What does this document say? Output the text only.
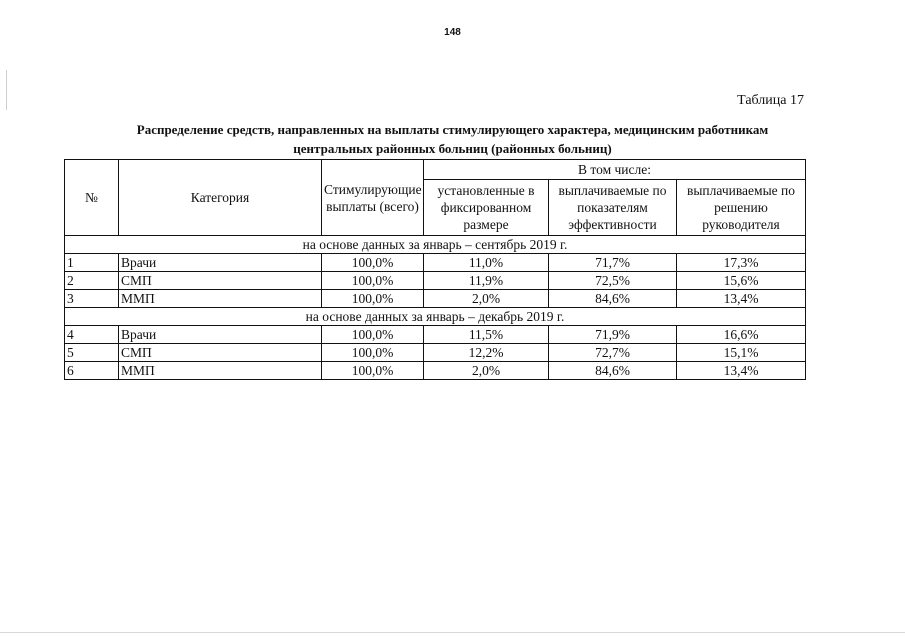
148
Таблица 17
Распределение средств, направленных на выплаты стимулирующего характера, медицинским работникам
центральных районных больниц (районных больниц)
№	Категория	Стимулирующие выплаты (всего)	В том числе:		
			установленные в фиксированном размере	выплачиваемые по показателям эффективности	выплачиваемые по решению руководителя
на основе данных за январь – сентябрь 2019 г.					
1	Врачи	100,0%	11,0%	71,7%	17,3%
2	СМП	100,0%	11,9%	72,5%	15,6%
3	ММП	100,0%	2,0%	84,6%	13,4%
на основе данных за январь – декабрь 2019 г.					
4	Врачи	100,0%	11,5%	71,9%	16,6%
5	СМП	100,0%	12,2%	72,7%	15,1%
6	ММП	100,0%	2,0%	84,6%	13,4%
